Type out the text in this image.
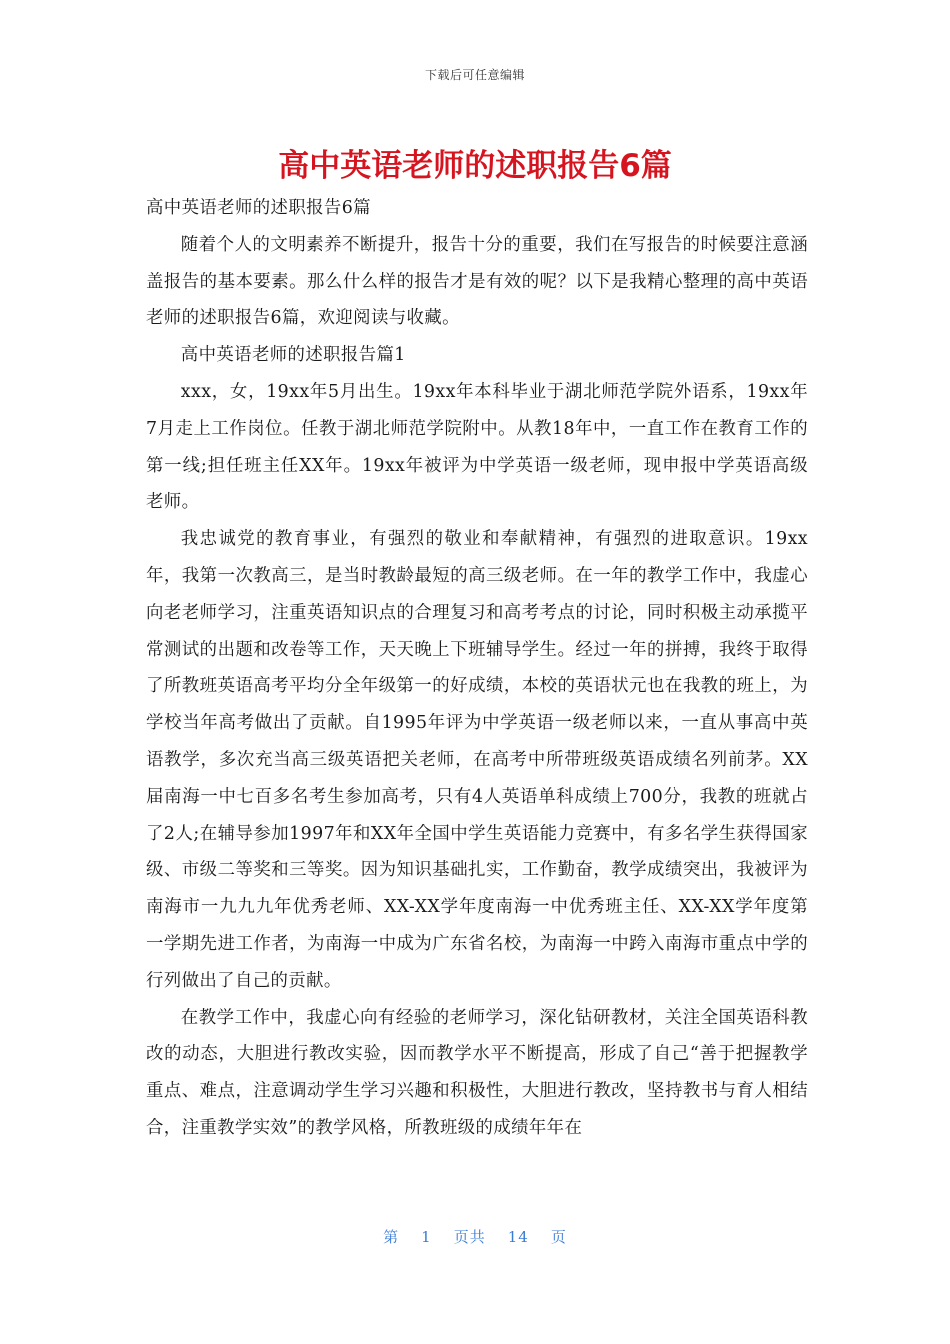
下载后可任意编辑
高中英语老师的述职报告6篇

高中英语老师的述职报告6篇

随着个人的文明素养不断提升，报告十分的重要，我们在写报告的时候要注意涵盖报告的基本要素。那么什么样的报告才是有效的呢？以下是我精心整理的高中英语老师的述职报告6篇，欢迎阅读与收藏。

高中英语老师的述职报告篇1

xxx，女，19xx年5月出生。19xx年本科毕业于湖北师范学院外语系，19xx年7月走上工作岗位。任教于湖北师范学院附中。从教18年中，一直工作在教育工作的第一线;担任班主任XX年。19xx年被评为中学英语一级老师，现申报中学英语高级老师。

我忠诚党的教育事业，有强烈的敬业和奉献精神，有强烈的进取意识。19xx年，我第一次教高三，是当时教龄最短的高三级老师。在一年的教学工作中，我虚心向老老师学习，注重英语知识点的合理复习和高考考点的讨论，同时积极主动承揽平常测试的出题和改卷等工作，天天晚上下班辅导学生。经过一年的拼搏，我终于取得了所教班英语高考平均分全年级第一的好成绩，本校的英语状元也在我教的班上，为学校当年高考做出了贡献。自1995年评为中学英语一级老师以来，一直从事高中英语教学，多次充当高三级英语把关老师，在高考中所带班级英语成绩名列前茅。XX届南海一中七百多名考生参加高考，只有4人英语单科成绩上700分，我教的班就占了2人;在辅导参加1997年和XX年全国中学生英语能力竞赛中，有多名学生获得国家级、市级二等奖和三等奖。因为知识基础扎实，工作勤奋，教学成绩突出，我被评为南海市一九九九年优秀老师、XX-XX学年度南海一中优秀班主任、XX-XX学年度第一学期先进工作者，为南海一中成为广东省名校，为南海一中跨入南海市重点中学的行列做出了自己的贡献。

在教学工作中，我虚心向有经验的老师学习，深化钻研教材，关注全国英语科教改的动态，大胆进行教改实验，因而教学水平不断提高，形成了自己“善于把握教学重点、难点，注意调动学生学习兴趣和积极性，大胆进行教改，坚持教书与育人相结合，注重教学实效”的教学风格，所教班级的成绩年年在

第 1 页共 14 页
